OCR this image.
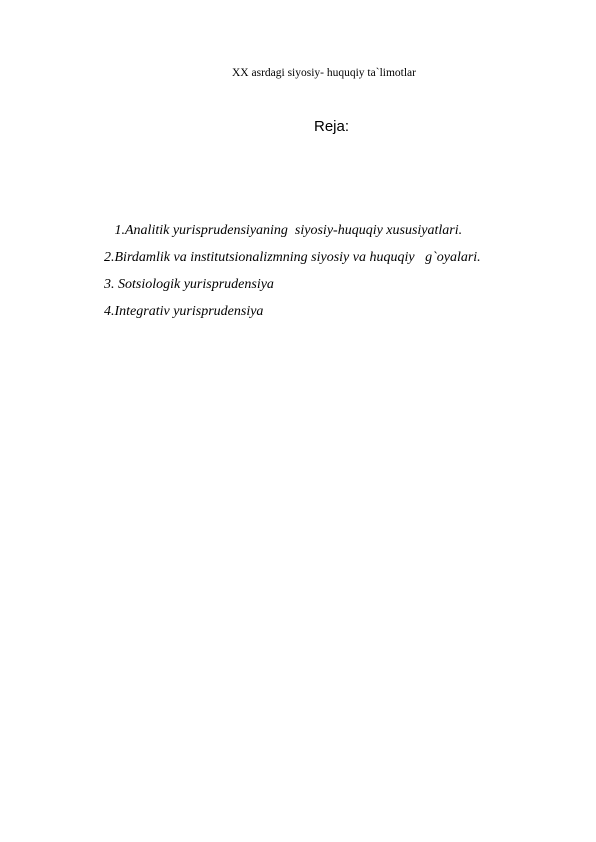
XX asrdagi siyosiy- huquqiy ta`limotlar
Reja:
1.Analitik yurisprudensiyaning  siyosiy-huquqiy xususiyatlari.
2.Birdamlik va institutsionalizmning siyosiy va huquqiy   g`oyalari.
3. Sotsiologik yurisprudensiya
4.Integrativ yurisprudensiya
